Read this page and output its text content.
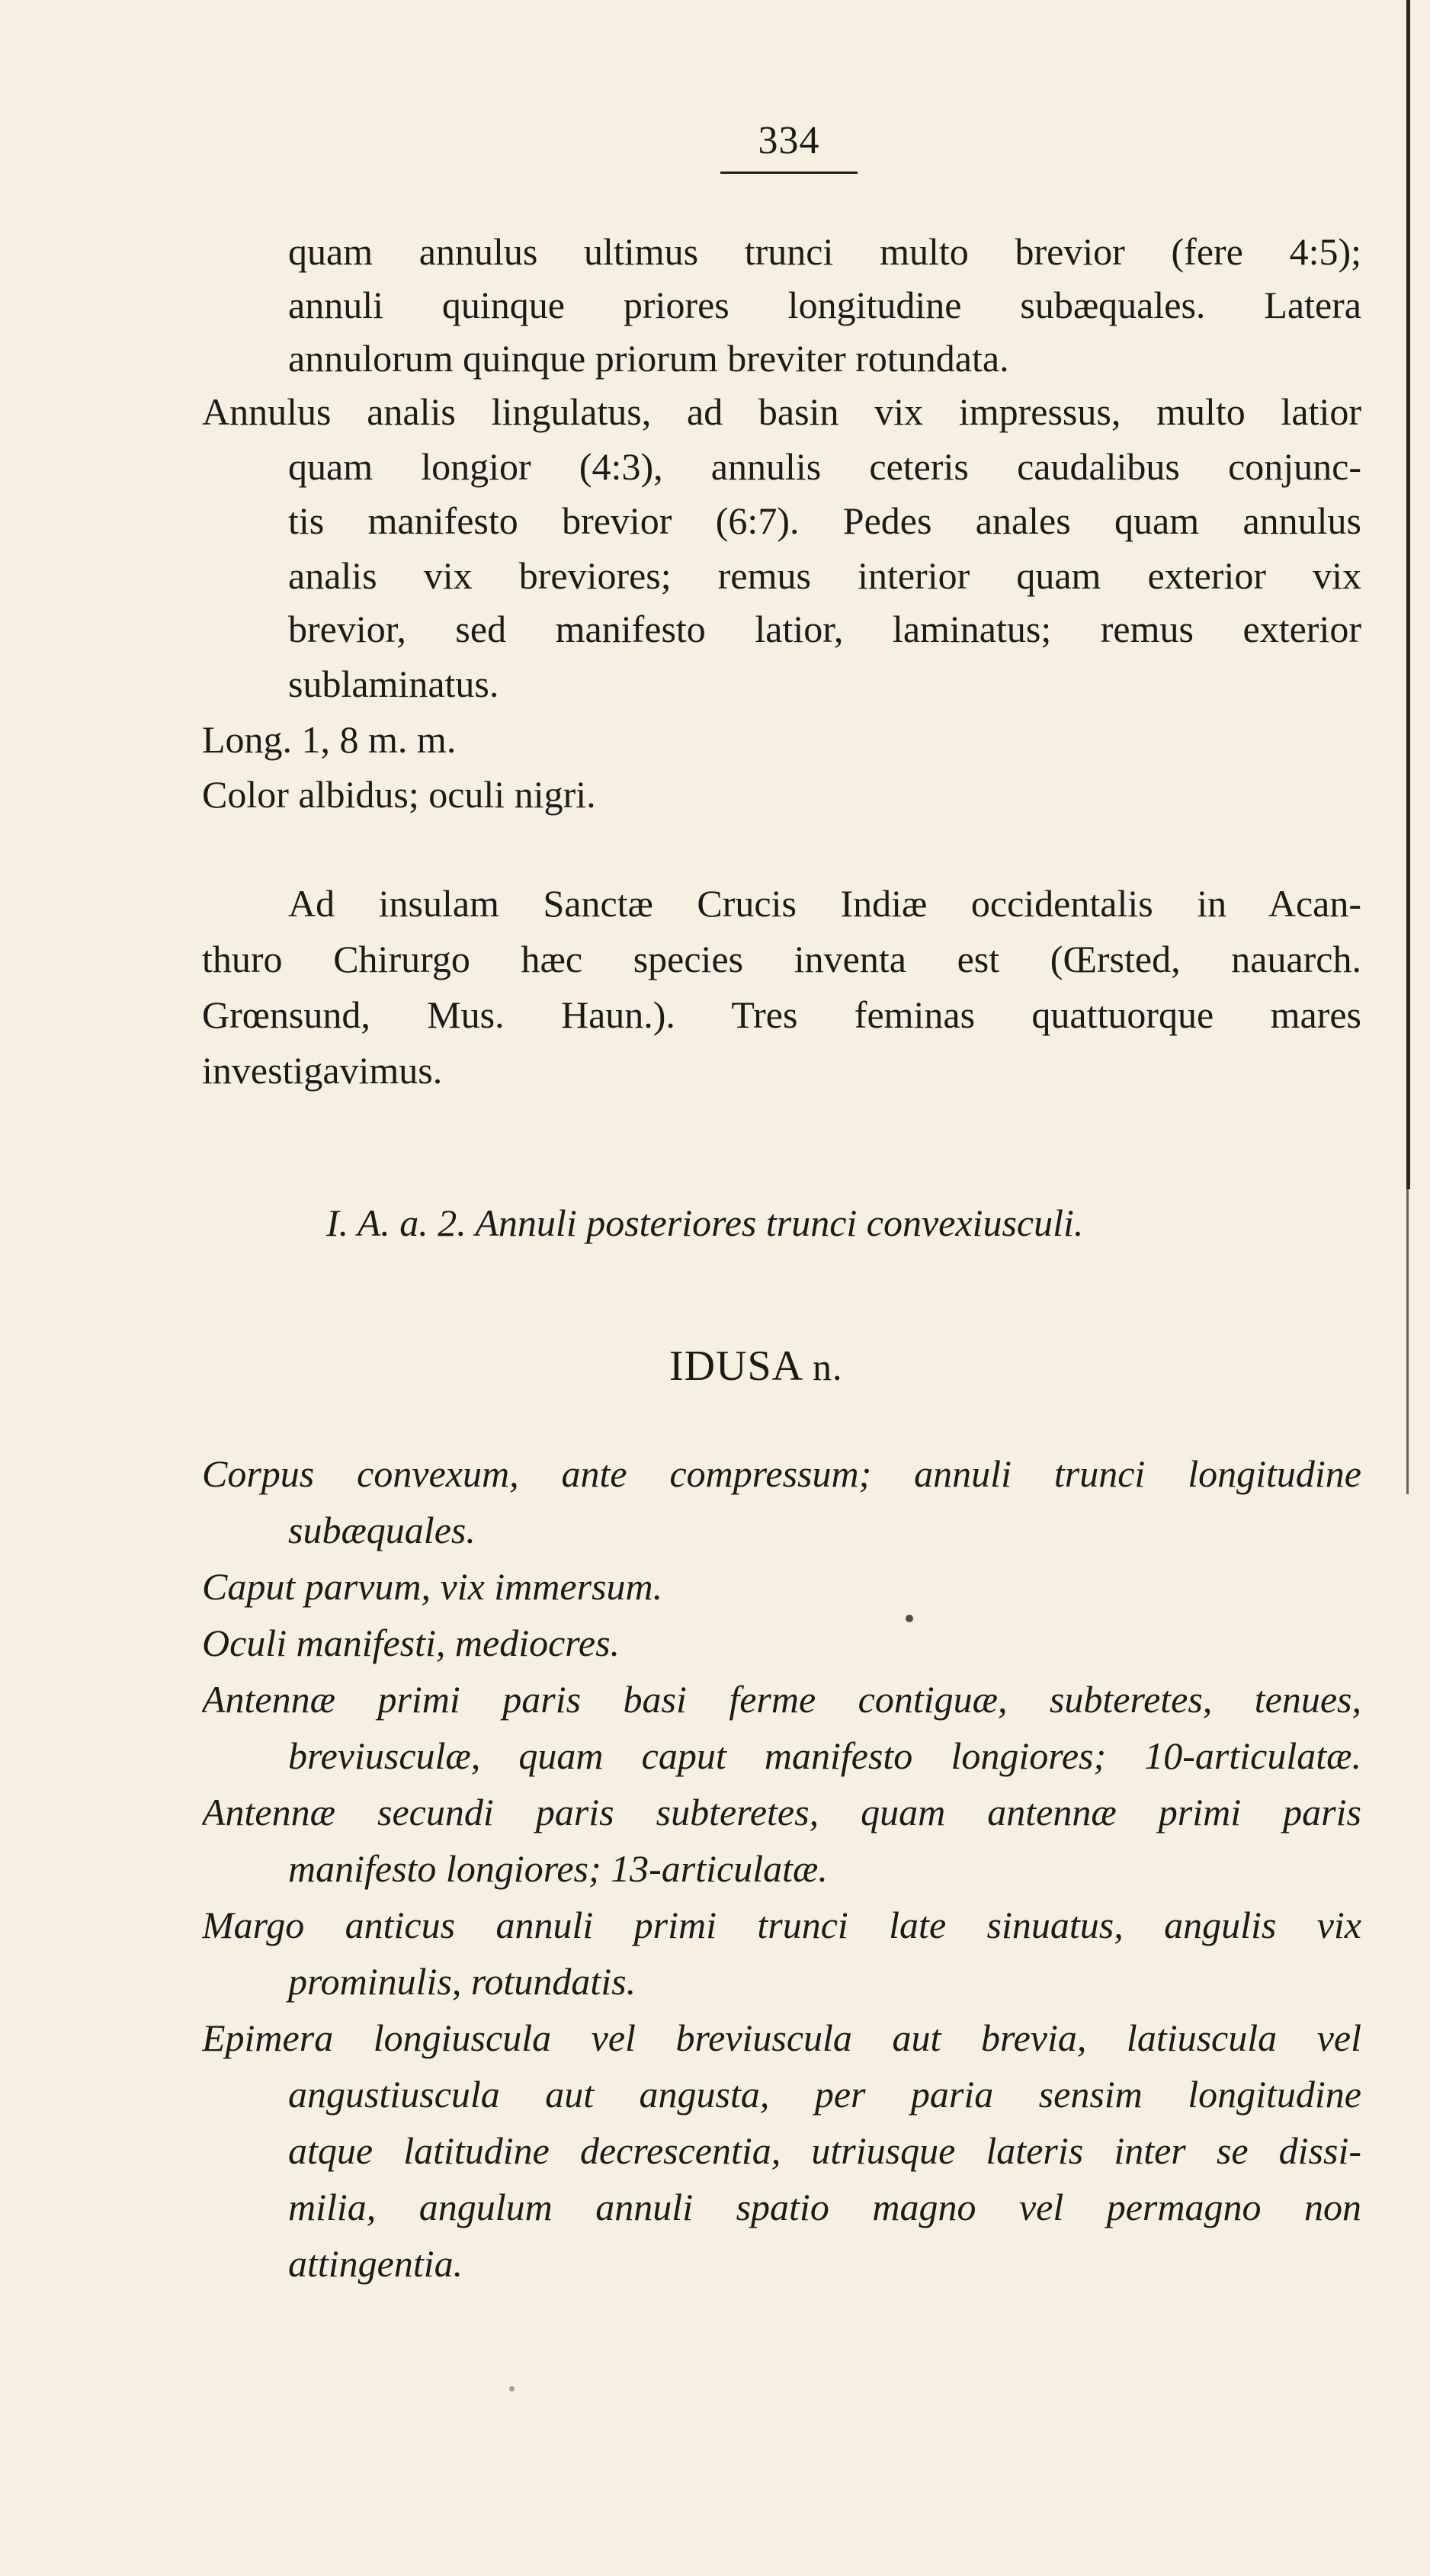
334
quam annulus ultimus trunci multo brevior (fere 4:5);
annuli quinque priores longitudine subæquales. Latera
annulorum quinque priorum breviter rotundata.
Annulus analis lingulatus, ad basin vix impressus, multo latior
quam longior (4:3), annulis ceteris caudalibus conjunc-
tis manifesto brevior (6:7). Pedes anales quam annulus
analis vix breviores; remus interior quam exterior vix
brevior, sed manifesto latior, laminatus; remus exterior
sublaminatus.
Long. 1, 8 m. m.
Color albidus; oculi nigri.
Ad insulam Sanctæ Crucis Indiæ occidentalis in Acan-
thuro Chirurgo hæc species inventa est (Œrsted, nauarch.
Grœnsund, Mus. Haun.). Tres feminas quattuorque mares
investigavimus.
I. A. a. 2. Annuli posteriores trunci convexiusculi.
IDUSA n.
Corpus convexum, ante compressum; annuli trunci longitudine
subæquales.
Caput parvum, vix immersum.
Oculi manifesti, mediocres.
Antennæ primi paris basi ferme contiguæ, subteretes, tenues,
breviusculæ, quam caput manifesto longiores; 10-articulatæ.
Antennæ secundi paris subteretes, quam antennæ primi paris
manifesto longiores; 13-articulatæ.
Margo anticus annuli primi trunci late sinuatus, angulis vix
prominulis, rotundatis.
Epimera longiuscula vel breviuscula aut brevia, latiuscula vel
angustiuscula aut angusta, per paria sensim longitudine
atque latitudine decrescentia, utriusque lateris inter se dissi-
milia, angulum annuli spatio magno vel permagno non
attingentia.
